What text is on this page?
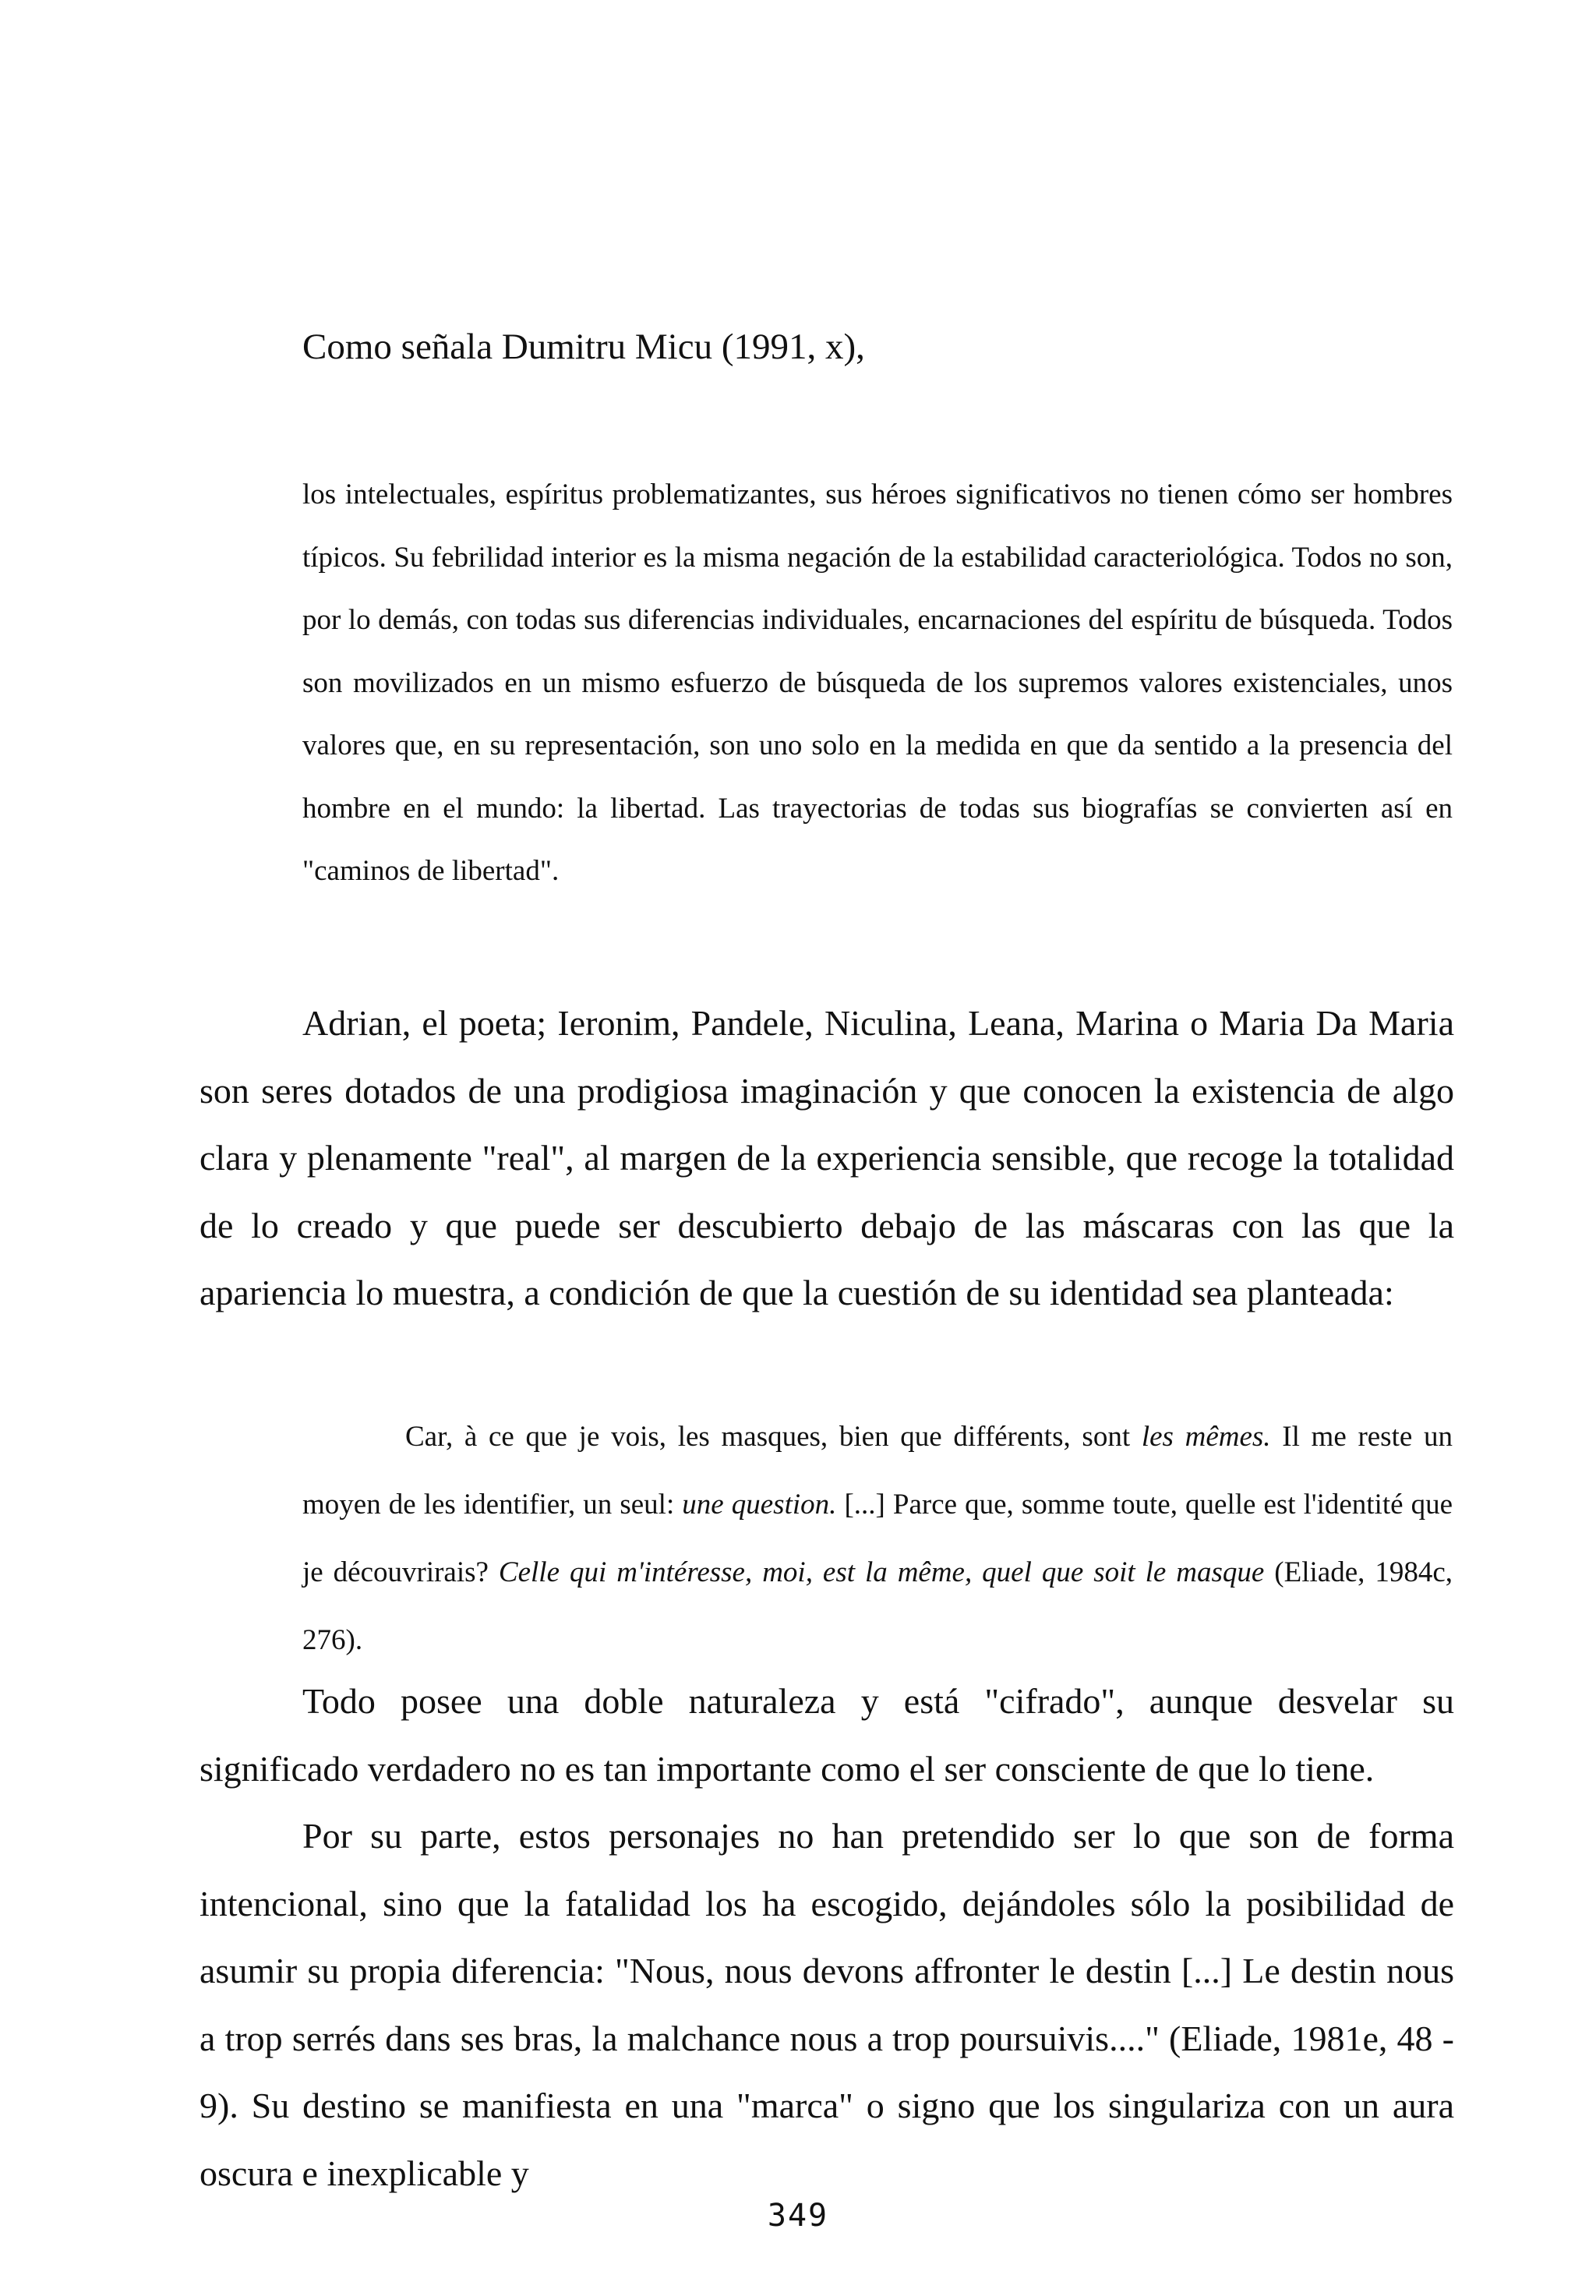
Como señala Dumitru Micu (1991, x),
los intelectuales, espíritus problematizantes, sus héroes significativos no tienen cómo ser hombres típicos. Su febrilidad interior es la misma negación de la estabilidad caracteriológica. Todos no son, por lo demás, con todas sus diferencias individuales, encarnaciones del espíritu de búsqueda. Todos son movilizados en un mismo esfuerzo de búsqueda de los supremos valores existenciales, unos valores que, en su representación, son uno solo en la medida en que da sentido a la presencia del hombre en el mundo: la libertad. Las trayectorias de todas sus biografías se convierten así en "caminos de libertad".

Adrian, el poeta; Ieronim, Pandele, Niculina, Leana, Marina o Maria Da Maria son seres dotados de una prodigiosa imaginación y que conocen la existencia de algo clara y plenamente "real", al margen de la experiencia sensible, que recoge la totalidad de lo creado y que puede ser descubierto debajo de las máscaras con las que la apariencia lo muestra, a condición de que la cuestión de su identidad sea planteada:

Car, à ce que je vois, les masques, bien que différents, sont les mêmes. Il me reste un moyen de les identifier, un seul: une question. [...] Parce que, somme toute, quelle est l'identité que je découvrirais? Celle qui m'intéresse, moi, est la même, quel que soit le masque (Eliade, 1984c, 276).

Todo posee una doble naturaleza y está "cifrado", aunque desvelar su significado verdadero no es tan importante como el ser consciente de que lo tiene.

Por su parte, estos personajes no han pretendido ser lo que son de forma intencional, sino que la fatalidad los ha escogido, dejándoles sólo la posibilidad de asumir su propia diferencia: "Nous, nous devons affronter le destin [...] Le destin nous a trop serrés dans ses bras, la malchance nous a trop poursuivis...." (Eliade, 1981e, 48 - 9). Su destino se manifiesta en una "marca" o signo que los singulariza con un aura oscura e inexplicable y

349
